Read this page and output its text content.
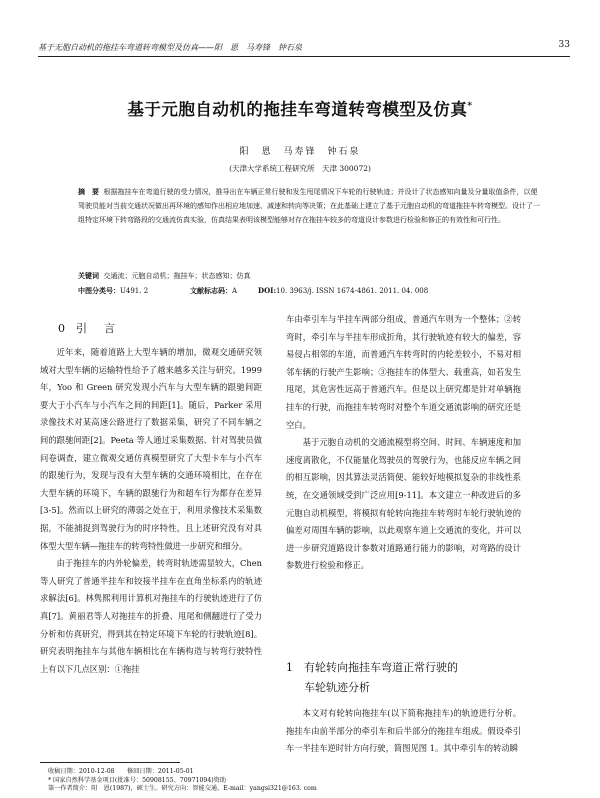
基于无胞自动机的拖挂车弯道转弯模型及仿真——阳　恩　马寿锋　钟石泉	33
基于元胞自动机的拖挂车弯道转弯模型及仿真*
阳　恩　马寿锋　钟石泉
(天津大学系统工程研究所　天津 300072)
摘　要 根据拖挂车在弯道行驶的受力情况，推导出在车辆正常行驶和发生甩尾情况下车轮的行驶轨迹；并设计了状态感知向量及分量取值条件，以便驾驶员能对当前交通状况做出再环境的感知作出相应地加速、减速和转向等决策；在此基础上建立了基于元胞自动机的弯道拖挂车转弯模型。设计了一组特定环境下转弯路段的交通流仿真实验，仿真结果表明该模型能够对存在拖挂车较多的弯道设计参数进行检验和修正的有效性和可行性。
关键词 交通流；元胞自动机；拖挂车；状态感知；仿真
中图分类号：U491. 2	文献标志码：A	DOI:10. 3963/j. ISSN 1674-4861. 2011. 04. 008
0 引　言

近年来，随着道路上大型车辆的增加，微观交通研究领域对大型车辆的运输特性给予了越来越多关注与研究。1999 年，Yoo 和 Green 研究发现小汽车与大型车辆的跟驰间距要大于小汽车与小汽车之间的间距[1]。随后，Parker 采用录像技术对某高速公路进行了数据采集，研究了不同车辆之间的跟驰间距[2]。Peeta 等人通过采集数据、针对驾驶员做问卷调查，建立微观交通仿真模型研究了大型卡车与小汽车的跟驰行为，发现与没有大型车辆的交通环境相比，在存在大型车辆的环境下，车辆的跟驰行为和超车行为都存在差异[3-5]。然而以上研究的薄弱之处在于，利用录像技术采集数据，不能捕捉到驾驶行为的时序特性，且上述研究没有对具体型大型车辆—拖挂车的转弯特性做进一步研究和细分。

由于拖挂车的内外轮偏差，转弯时轨迹需显较大，Chen 等人研究了普通半挂车和铰接半挂车在直角坐标系内的轨迹求解法[6]。林隽熙利用计算机对拖挂车的行驶轨迹进行了仿真[7]。黄丽君等人对拖挂车的折叠、甩尾和侧翻进行了受力分析和仿真研究，得到其在特定环境下车轮的行驶轨迹[8]。研究表明拖挂车与其他车辆相比在车辆构造与转弯行驶特性上有以下几点区别：①拖挂

车由牵引车与半挂车两部分组成，普通汽车则为一个整体；②转弯时，牵引车与半挂车形成折角，其行驶轨迹有较大的偏差，容易侵占相邻的车道，而普通汽车转弯时的内轮差较小，不易对相邻车辆的行驶产生影响；③拖挂车的体型大、载重高，如若发生甩尾，其危害性远高于普通汽车。但是以上研究都是针对单辆拖挂车的行驶，而拖挂车转弯时对整个车道交通流影响的研究还是空白。

基于元胞自动机的交通流模型将空间、时间、车辆速度和加速度离散化，不仅能量化驾驶员的驾驶行为，也能反应车辆之间的相互影响，因其算法灵活简便、能较好地模拟复杂的非线性系统，在交通领域受到广泛应用[9-11]。本文建立一种改进后的多元胞自动机模型，将模拟有轮转向拖挂车转弯时车轮行驶轨迹的偏差对周围车辆的影响，以此观察车道上交通流的变化，并可以进一步研究道路设计参数对道路通行能力的影响，对弯路的设计参数进行检验和修正。

1 有轮转向拖挂车弯道正常行驶的
车轮轨迹分析

本文对有轮转向拖挂车(以下简称拖挂车)的轨迹进行分析。拖挂车由前半部分的牵引车和后半部分的拖挂车组成。假设牵引车一半挂车逆时针方向行驶，简图见图 1。其中牵引车的转动瞬

收稿日期：2010-12-08　　修回日期：2011-05-01
* 国家自然科学基金项目(批准号：50908155、70971094)资助
第一作者简介：阳　恩(1987)，硕士生。研究方向：智能交通。E-mail：yangsi321@163. com
